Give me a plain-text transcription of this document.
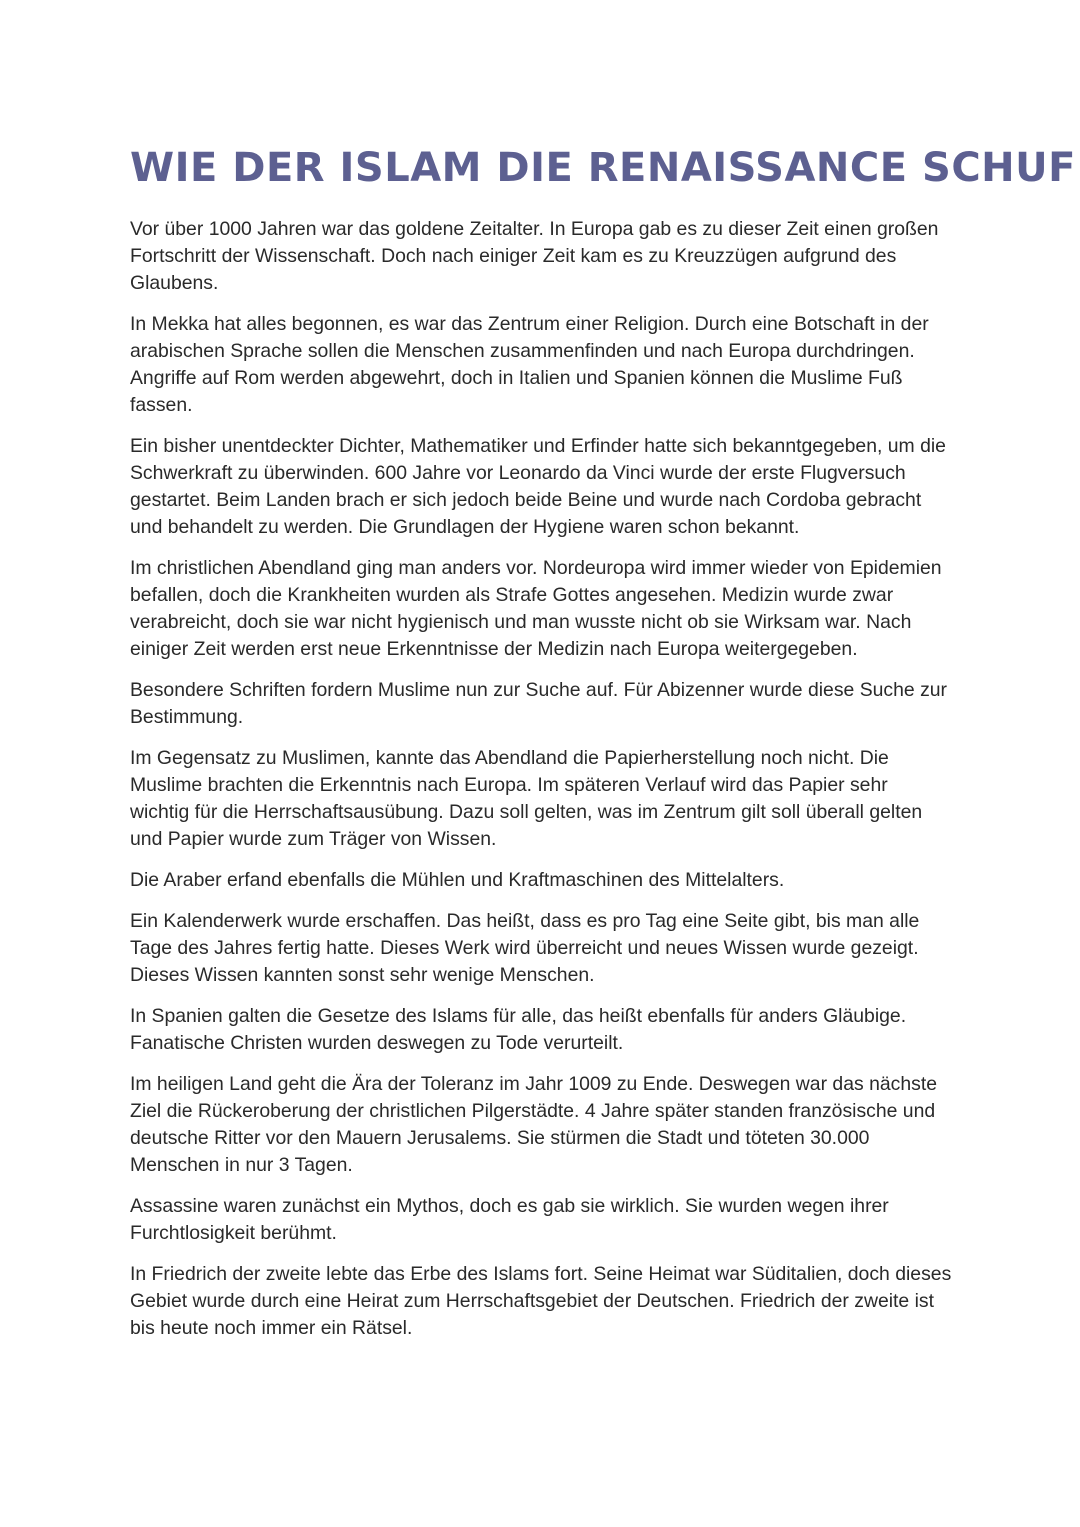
WIE DER ISLAM DIE RENAISSANCE SCHUF

Vor über 1000 Jahren war das goldene Zeitalter. In Europa gab es zu dieser Zeit einen großen Fortschritt der Wissenschaft. Doch nach einiger Zeit kam es zu Kreuzzügen aufgrund des Glaubens.

In Mekka hat alles begonnen, es war das Zentrum einer Religion. Durch eine Botschaft in der arabischen Sprache sollen die Menschen zusammenfinden und nach Europa durchdringen. Angriffe auf Rom werden abgewehrt, doch in Italien und Spanien können die Muslime Fuß fassen.

Ein bisher unentdeckter Dichter, Mathematiker und Erfinder hatte sich bekanntgegeben, um die Schwerkraft zu überwinden. 600 Jahre vor Leonardo da Vinci wurde der erste Flugversuch gestartet. Beim Landen brach er sich jedoch beide Beine und wurde nach Cordoba gebracht und behandelt zu werden. Die Grundlagen der Hygiene waren schon bekannt.

Im christlichen Abendland ging man anders vor. Nordeuropa wird immer wieder von Epidemien befallen, doch die Krankheiten wurden als Strafe Gottes angesehen. Medizin wurde zwar verabreicht, doch sie war nicht hygienisch und man wusste nicht ob sie Wirksam war. Nach einiger Zeit werden erst neue Erkenntnisse der Medizin nach Europa weitergegeben.

Besondere Schriften fordern Muslime nun zur Suche auf. Für Abizenner wurde diese Suche zur Bestimmung.

Im Gegensatz zu Muslimen, kannte das Abendland die Papierherstellung noch nicht. Die Muslime brachten die Erkenntnis nach Europa. Im späteren Verlauf wird das Papier sehr wichtig für die Herrschaftsausübung. Dazu soll gelten, was im Zentrum gilt soll überall gelten und Papier wurde zum Träger von Wissen.

Die Araber erfand ebenfalls die Mühlen und Kraftmaschinen des Mittelalters.

Ein Kalenderwerk wurde erschaffen. Das heißt, dass es pro Tag eine Seite gibt, bis man alle Tage des Jahres fertig hatte. Dieses Werk wird überreicht und neues Wissen wurde gezeigt. Dieses Wissen kannten sonst sehr wenige Menschen.

In Spanien galten die Gesetze des Islams für alle, das heißt ebenfalls für anders Gläubige. Fanatische Christen wurden deswegen zu Tode verurteilt.

Im heiligen Land geht die Ära der Toleranz im Jahr 1009 zu Ende. Deswegen war das nächste Ziel die Rückeroberung der christlichen Pilgerstädte. 4 Jahre später standen französische und deutsche Ritter vor den Mauern Jerusalems. Sie stürmen die Stadt und töteten 30.000 Menschen in nur 3 Tagen.

Assassine waren zunächst ein Mythos, doch es gab sie wirklich. Sie wurden wegen ihrer Furchtlosigkeit berühmt.

In Friedrich der zweite lebte das Erbe des Islams fort. Seine Heimat war Süditalien, doch dieses Gebiet wurde durch eine Heirat zum Herrschaftsgebiet der Deutschen. Friedrich der zweite ist bis heute noch immer ein Rätsel.
